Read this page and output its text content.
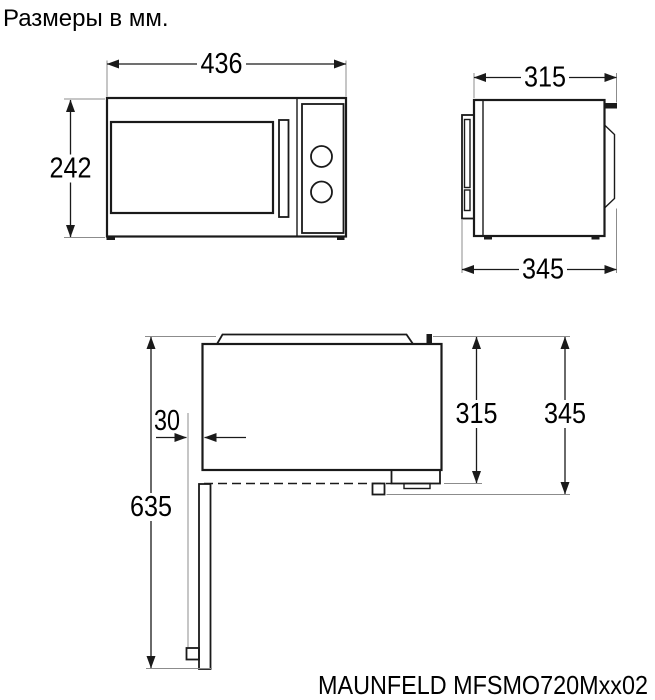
Размеры в мм.
436
242
315
345
635
30	315 345
MAUNFELD MFSMO720Mxx02
